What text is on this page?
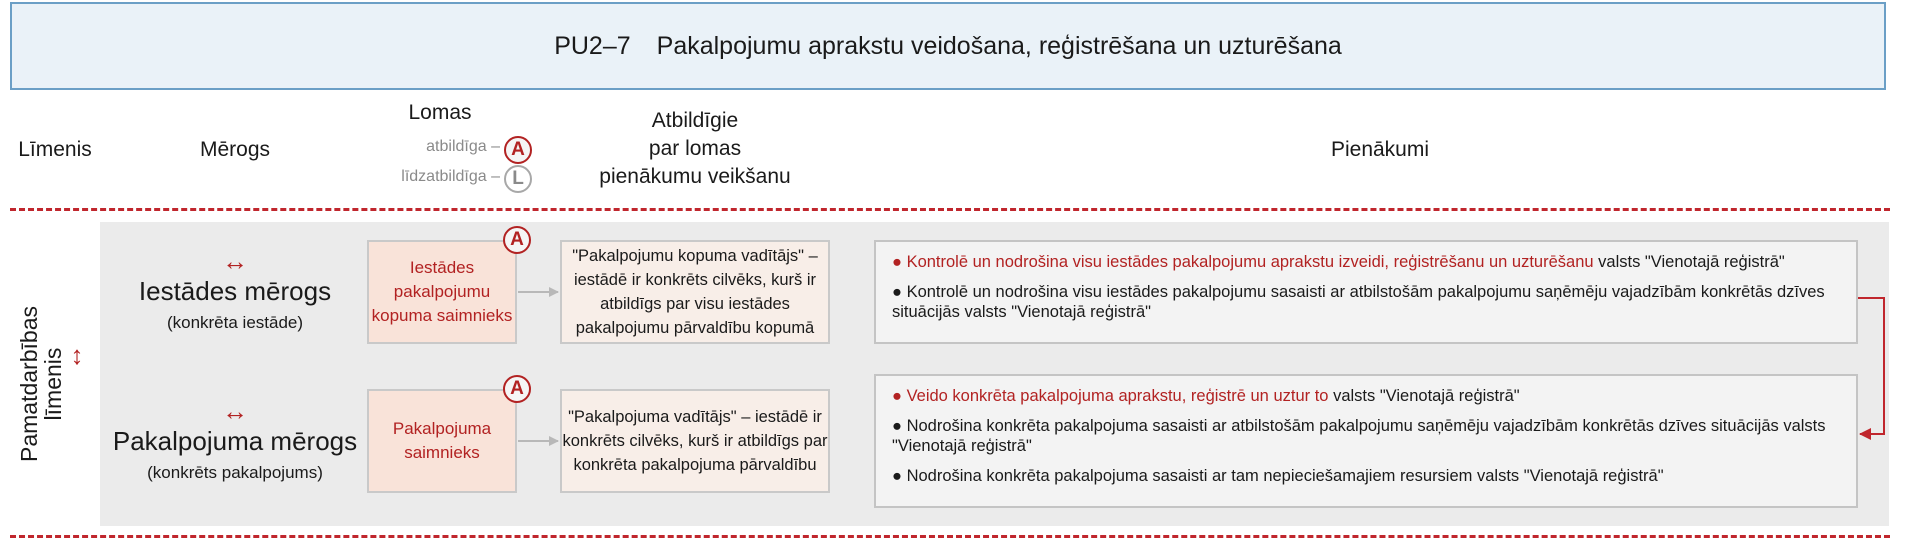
PU2–7 Pakalpojumu aprakstu veidošana, reģistrēšana un uzturēšana
Līmenis	Mērogs
Lomas
atbildīga – A
līdzatbildīga – L
Atbildīgie
par lomas
pienākumu veikšanu
Pienākumi
Pamatdarbības
līmenis ↕
↔
Iestādes mērogs
(konkrēta iestāde)
Iestādes pakalpojumu kopuma saimnieks
A
"Pakalpojumu kopuma vadītājs" – iestādē ir konkrēts cilvēks, kurš ir atbildīgs par visu iestādes pakalpojumu pārvaldību kopumā

● Kontrolē un nodrošina visu iestādes pakalpojumu aprakstu izveidi, reģistrēšanu un uzturēšanu valsts "Vienotajā reģistrā"

● Kontrolē un nodrošina visu iestādes pakalpojumu sasaisti ar atbilstošām pakalpojumu saņēmēju vajadzībām konkrētās dzīves situācijās valsts "Vienotajā reģistrā"

↔
Pakalpojuma mērogs
(konkrēts pakalpojums)
Pakalpojuma saimnieks
A
"Pakalpojuma vadītājs" – iestādē ir konkrēts cilvēks, kurš ir atbildīgs par konkrēta pakalpojuma pārvaldību

● Veido konkrēta pakalpojuma aprakstu, reģistrē un uztur to valsts "Vienotajā reģistrā"

● Nodrošina konkrēta pakalpojuma sasaisti ar atbilstošām pakalpojumu saņēmēju vajadzībām konkrētās dzīves situācijās valsts "Vienotajā reģistrā"

● Nodrošina konkrēta pakalpojuma sasaisti ar tam nepieciešamajiem resursiem valsts "Vienotajā reģistrā"
